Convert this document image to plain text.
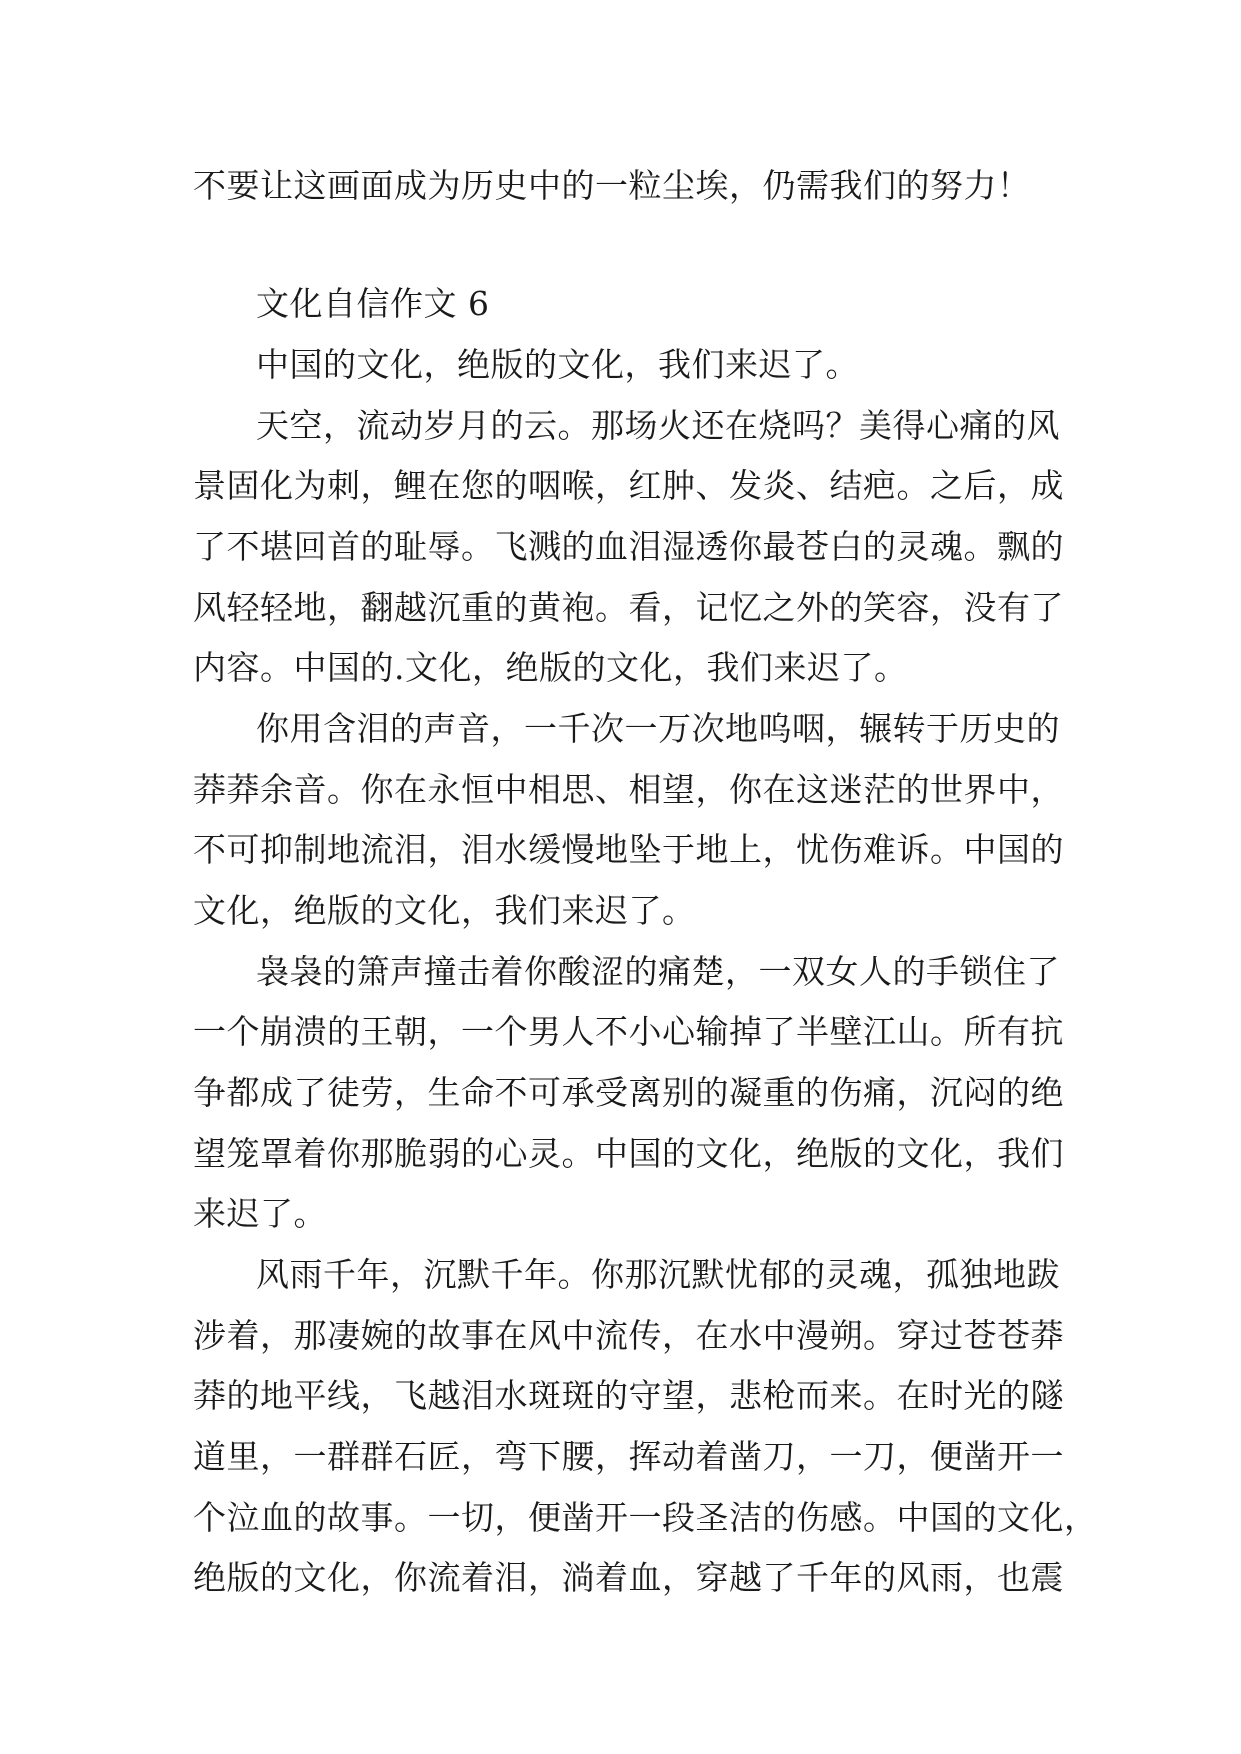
不要让这画面成为历史中的一粒尘埃，仍需我们的努力！
文化自信作文 6
中国的文化，绝版的文化，我们来迟了。
天空，流动岁月的云。那场火还在烧吗？美得心痛的风
景固化为刺，鲤在您的咽喉，红肿、发炎、结疤。之后，成
了不堪回首的耻辱。飞溅的血泪湿透你最苍白的灵魂。飘的
风轻轻地，翻越沉重的黄袍。看，记忆之外的笑容，没有了
内容。中国的.文化，绝版的文化，我们来迟了。
你用含泪的声音，一千次一万次地呜咽，辗转于历史的
莽莽余音。你在永恒中相思、相望，你在这迷茫的世界中，
不可抑制地流泪，泪水缓慢地坠于地上，忧伤难诉。中国的
文化，绝版的文化，我们来迟了。
袅袅的箫声撞击着你酸涩的痛楚，一双女人的手锁住了
一个崩溃的王朝，一个男人不小心输掉了半壁江山。所有抗
争都成了徒劳，生命不可承受离别的凝重的伤痛，沉闷的绝
望笼罩着你那脆弱的心灵。中国的文化，绝版的文化，我们
来迟了。
风雨千年，沉默千年。你那沉默忧郁的灵魂，孤独地跋
涉着，那凄婉的故事在风中流传，在水中漫朔。穿过苍苍莽
莽的地平线，飞越泪水斑斑的守望，悲枪而来。在时光的隧
道里，一群群石匠，弯下腰，挥动着凿刀，一刀，便凿开一
个泣血的故事。一切，便凿开一段圣洁的伤感。中国的文化，
绝版的文化，你流着泪，淌着血，穿越了千年的风雨，也震
